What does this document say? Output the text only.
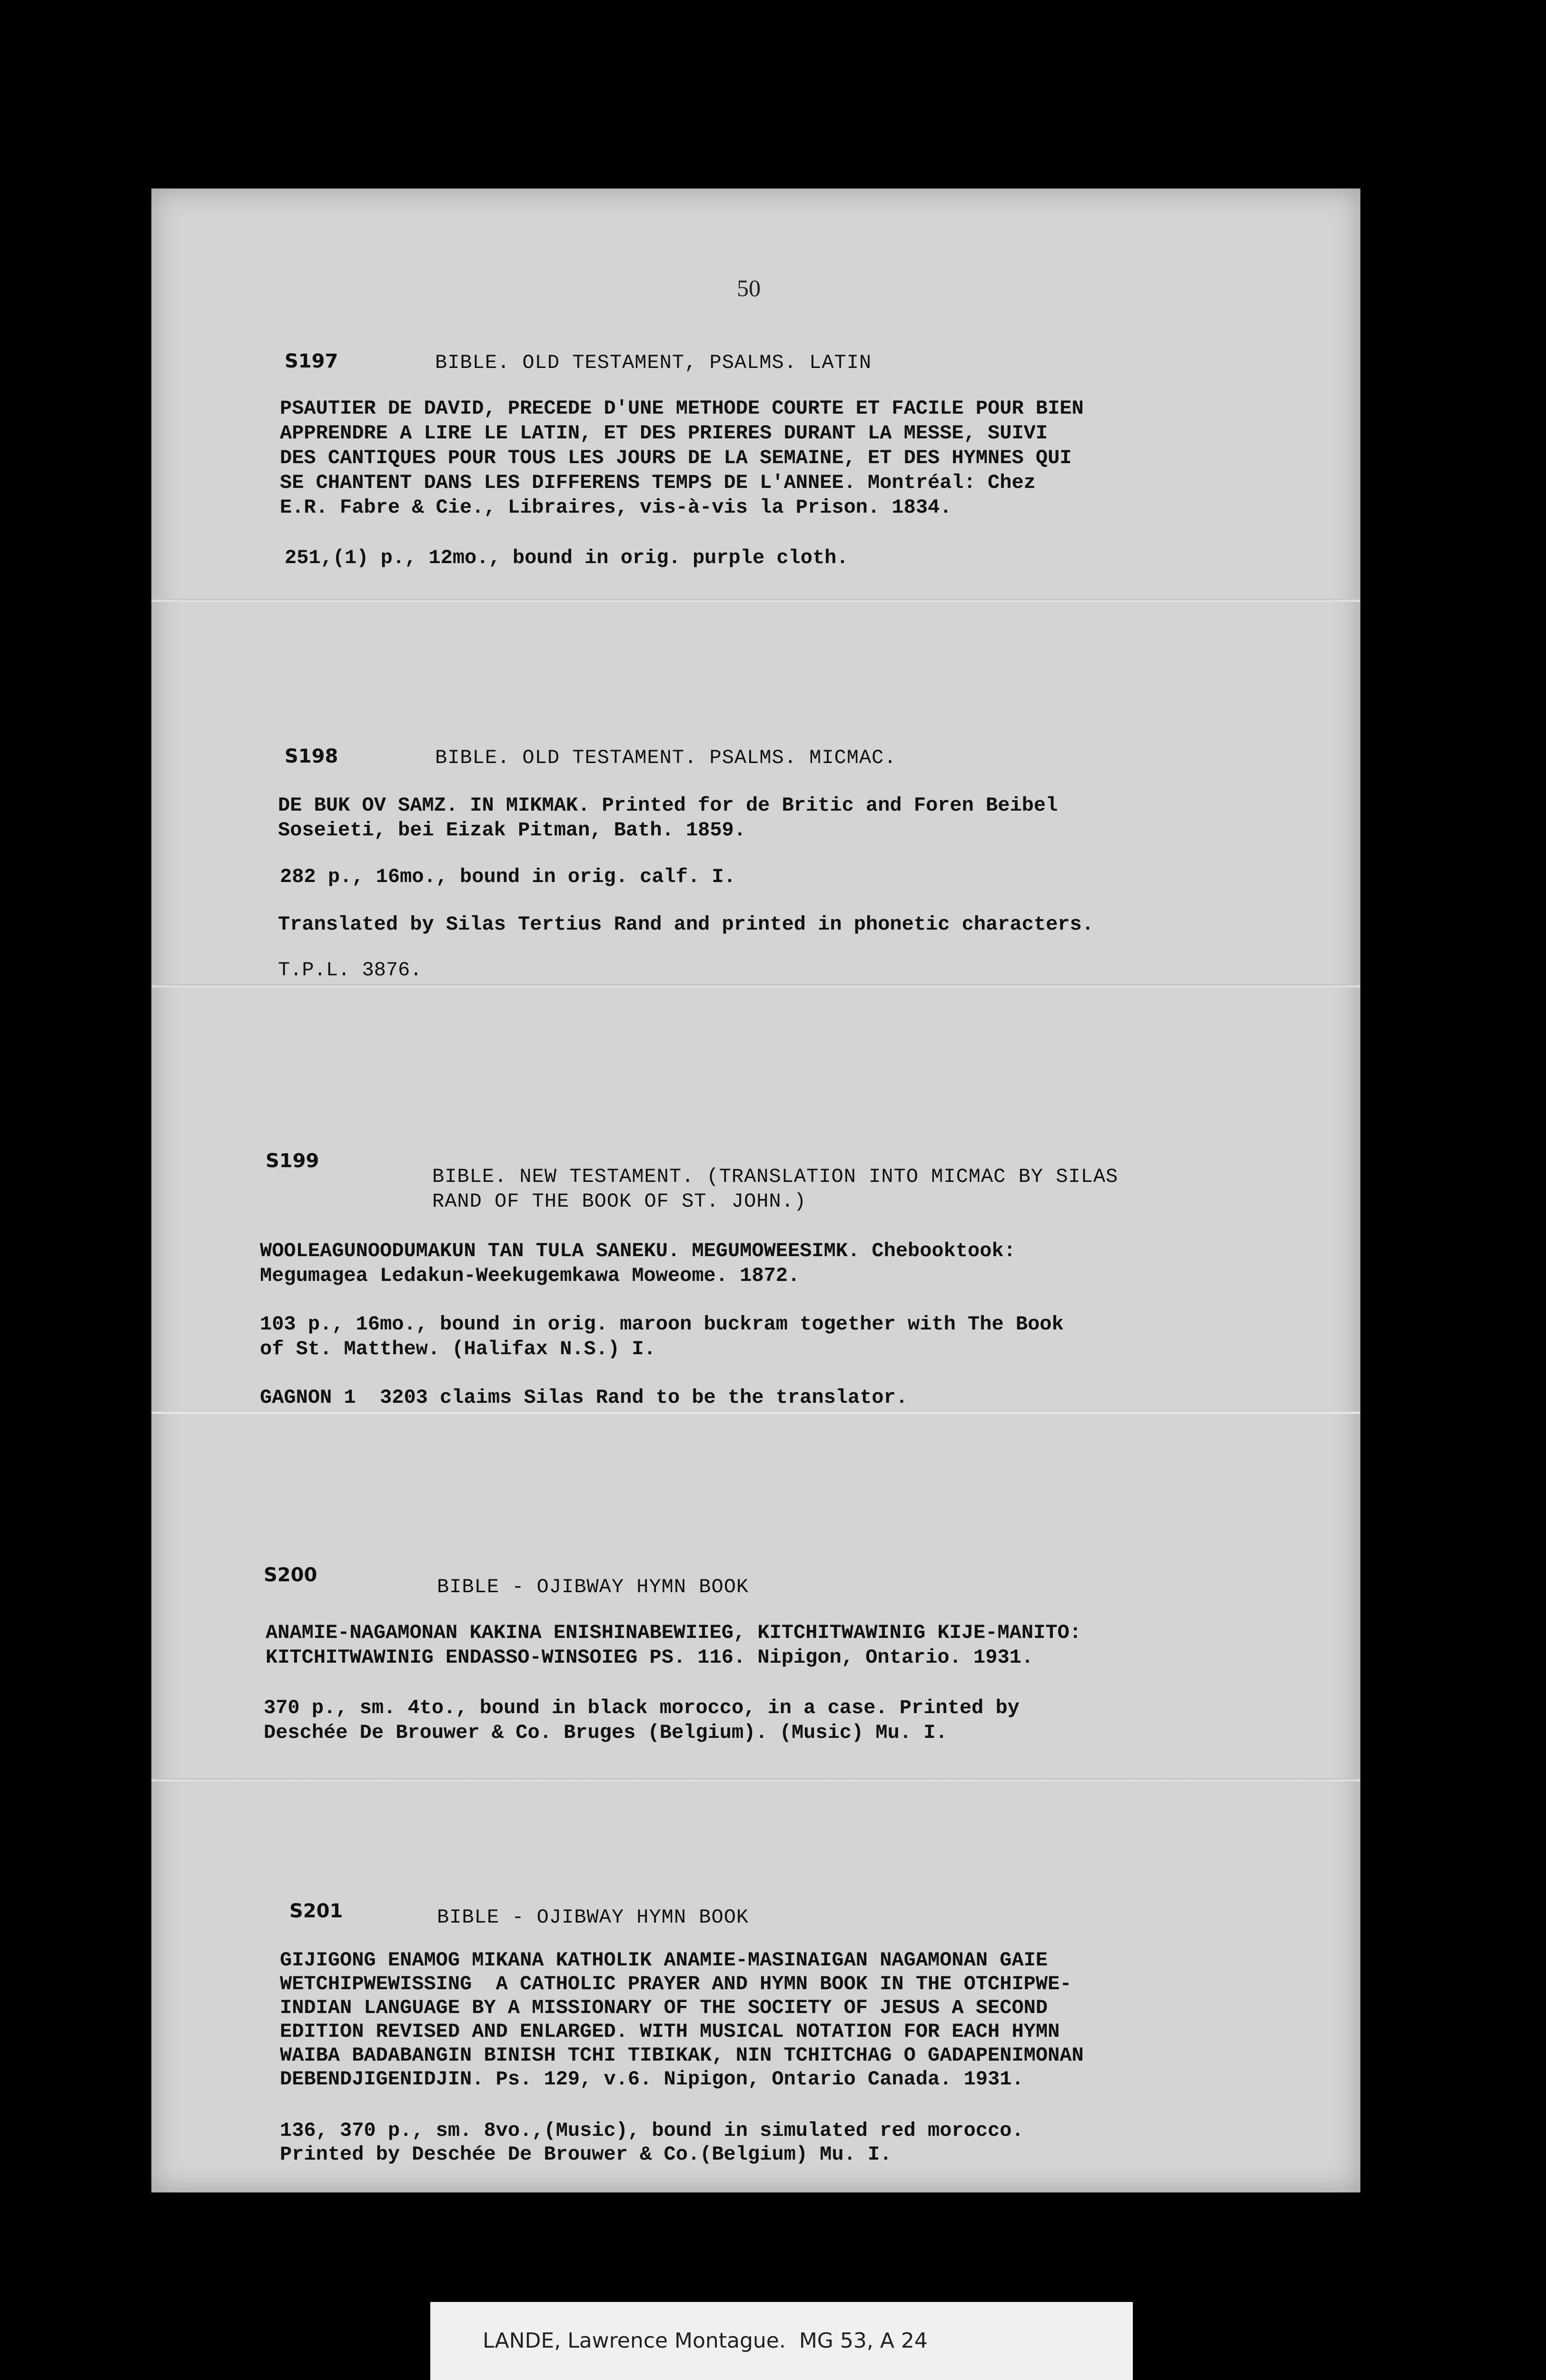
50
S197	BIBLE. OLD TESTAMENT, PSALMS. LATIN
PSAUTIER DE DAVID, PRECEDE D'UNE METHODE COURTE ET FACILE POUR BIEN
APPRENDRE A LIRE LE LATIN, ET DES PRIERES DURANT LA MESSE, SUIVI
DES CANTIQUES POUR TOUS LES JOURS DE LA SEMAINE, ET DES HYMNES QUI
SE CHANTENT DANS LES DIFFERENS TEMPS DE L'ANNEE. Montréal: Chez
E.R. Fabre & Cie., Libraires, vis-à-vis la Prison. 1834.
251,(1) p., 12mo., bound in orig. purple cloth.
S198	BIBLE. OLD TESTAMENT. PSALMS. MICMAC.
DE BUK OV SAMZ. IN MIKMAK. Printed for de Britic and Foren Beibel
Soseieti, bei Eizak Pitman, Bath. 1859.
282 p., 16mo., bound in orig. calf. I.
Translated by Silas Tertius Rand and printed in phonetic characters.
T.P.L. 3876.
S199
BIBLE. NEW TESTAMENT. (TRANSLATION INTO MICMAC BY SILAS
RAND OF THE BOOK OF ST. JOHN.)
WOOLEAGUNOODUMAKUN TAN TULA SANEKU. MEGUMOWEESIMK. Chebooktook:
Megumagea Ledakun-Weekugemkawa Moweome. 1872.
103 p., 16mo., bound in orig. maroon buckram together with The Book
of St. Matthew. (Halifax N.S.) I.
GAGNON 1  3203 claims Silas Rand to be the translator.
S200
BIBLE - OJIBWAY HYMN BOOK
ANAMIE-NAGAMONAN KAKINA ENISHINABEWIIEG, KITCHITWAWINIG KIJE-MANITO:
KITCHITWAWINIG ENDASSO-WINSOIEG PS. 116. Nipigon, Ontario. 1931.
370 p., sm. 4to., bound in black morocco, in a case. Printed by
Deschée De Brouwer & Co. Bruges (Belgium). (Music) Mu. I.
S201	BIBLE - OJIBWAY HYMN BOOK
GIJIGONG ENAMOG MIKANA KATHOLIK ANAMIE-MASINAIGAN NAGAMONAN GAIE
WETCHIPWEWISSING  A CATHOLIC PRAYER AND HYMN BOOK IN THE OTCHIPWE-
INDIAN LANGUAGE BY A MISSIONARY OF THE SOCIETY OF JESUS A SECOND
EDITION REVISED AND ENLARGED. WITH MUSICAL NOTATION FOR EACH HYMN
WAIBA BADABANGIN BINISH TCHI TIBIKAK, NIN TCHITCHAG O GADAPENIMONAN
DEBENDJIGENIDJIN. Ps. 129, v.6. Nipigon, Ontario Canada. 1931.
136, 370 p., sm. 8vo.,(Music), bound in simulated red morocco.
Printed by Deschée De Brouwer & Co.(Belgium) Mu. I.
LANDE, Lawrence Montague.  MG 53, A 24
